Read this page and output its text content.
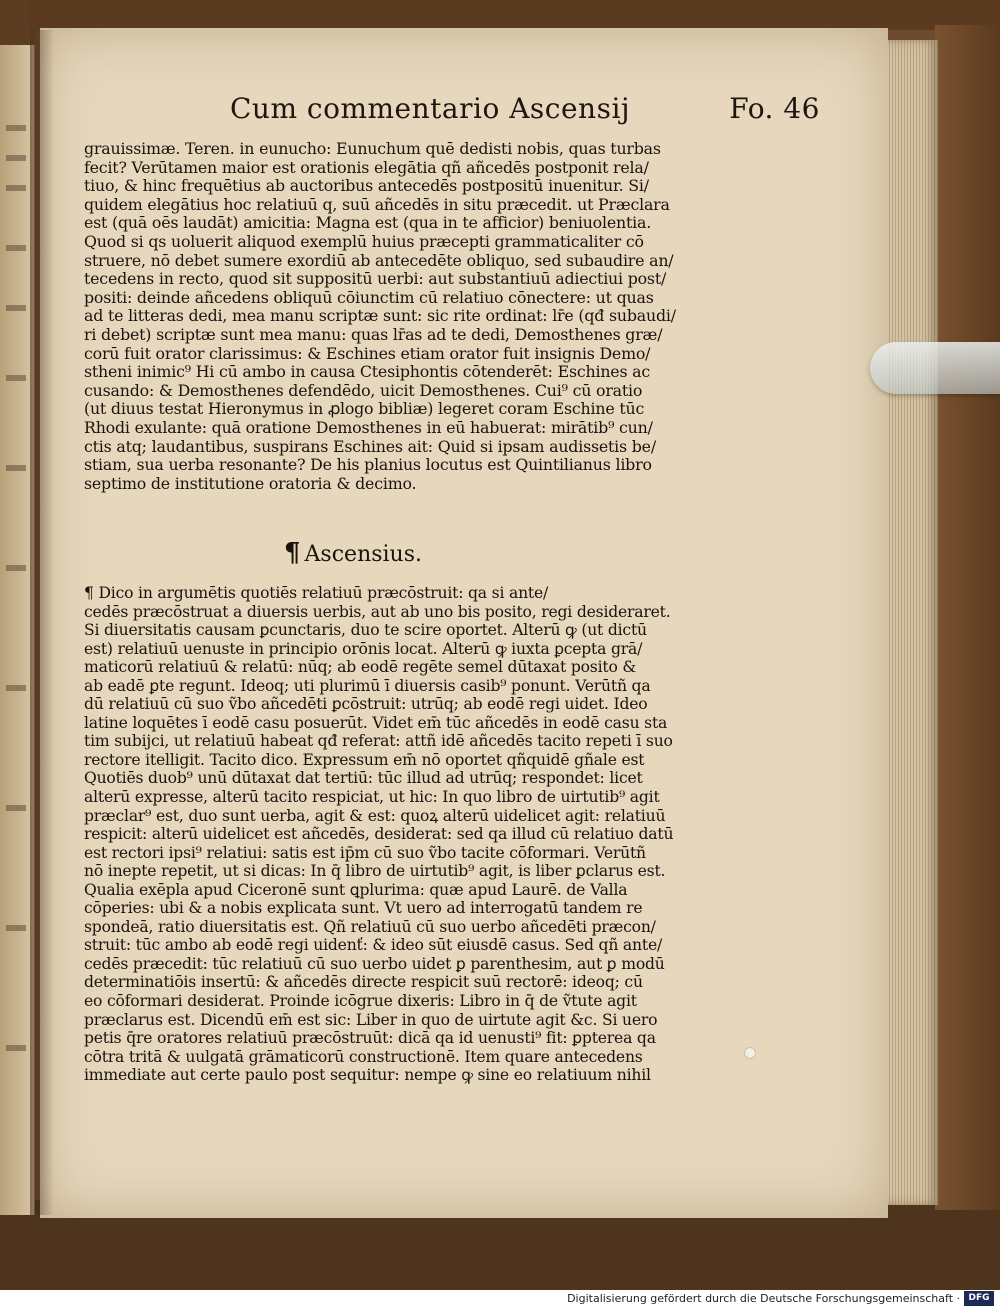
Cum commentario Ascensij	Fo. 46
grauissimæ. Teren. in eunucho: Eunuchum quē dedisti nobis, quas turbas
fecit? Verūtamen maior est orationis elegātia qñ añcedēs postponit rela/
tiuo, & hinc frequētius ab auctoribus antecedēs postpositū inuenitur. Si/
quidem elegātius hoc relatiuū q, suū añcedēs in situ præcedit. ut Præclara
est (quā oēs laudāt) amicitia: Magna est (qua in te afficior) beniuolentia.
Quod si qs uoluerit aliquod exemplū huius præcepti grammaticaliter cō
struere, nō debet sumere exordiū ab antecedēte obliquo, sed subaudire an/
tecedens in recto, quod sit suppositū uerbi: aut substantiuū adiectiui post/
positi: deinde añcedens obliquū cōiunctim cū relatiuo cōnectere: ut quas
ad te litteras dedi, mea manu scriptæ sunt: sic rite ordinat: lr̄e (qđ subaudi/
ri debet) scriptæ sunt mea manu: quas lr̄as ad te dedi, Demosthenes græ/
corū fuit orator clarissimus: & Eschines etiam orator fuit insignis Demo/
stheni inimic⁹ Hi cū ambo in causa Ctesiphontis cōtenderēt: Eschines ac
cusando: & Demosthenes defendēdo, uicit Demosthenes. Cui⁹ cū oratio
(ut diuus testat̄ Hieronymus in ꝓlogo bibliæ) legeret coram Eschine tūc
Rhodi exulante: quā oratione Demosthenes in eū habuerat: mirātib⁹ cun/
ctis atq; laudantibus, suspirans Eschines ait: Quid si ipsam audissetis be/
stiam, sua uerba resonante? De his planius locutus est Quintilianus libro
septimo de institutione oratoria & decimo.
¶ Ascensius.
¶ Dico in argumētis quotiēs relatiuū præcōstruit: qa si ante/
cedēs præcōstruat a diuersis uerbis, aut ab uno bis posito, regi desideraret.
Si diuersitatis causam ꝑcunctaris, duo te scire oportet. Alterū ꝙ (ut dictū
est) relatiuū uenuste in principio orōnis locat̄. Alterū ꝙ iuxta ꝑcepta grā/
maticorū relatiuū & relatū: nūq; ab eodē regēte semel dūtaxat posito &
ab eadē ꝑte regunt̄. Ideoq; uti plurimū ī diuersis casib⁹ ponunt̄. Verūtñ qa
dū relatiuū cū suo ṽbo añcedēti ꝑcōstruit: utrūq; ab eodē regi uidet̄. Ideo
latine loquētes ī eodē casu posuerūt. Videt̄ em̄ tūc añcedēs in eodē casu sta
tim subijci, ut relatiuū habeat qđ referat: attñ idē añcedēs tacito repeti ī suo
rectore itelligit̄. Tacito dico. Expressum em̄ nō oportet qñquidē gñale est
Quotiēs duob⁹ unū dūtaxat dat̄ tertiū: tūc illud ad utrūq; respondet: licet
alterū expresse, alterū tacito respiciat, ut hic: In quo libro de uirtutib⁹ agit̄
præclar⁹ est, duo sunt uerba, agit̄ & est: quoꝝ alterū uidelicet agit̄: relatiuū
respicit: alterū uidelicet est añcedēs, desiderat: sed qa illud cū relatiuo datū
est rectori ipsi⁹ relatiui: satis est ip̄m cū suo ṽbo tacite cōformari. Verūtñ
nō inepte repetit̄, ut si dicas: In q̄ libro de uirtutib⁹ agit̄, is liber ꝑclarus est.
Qualia exēpla apud Ciceronē sunt ꝗplurima: quæ apud Laurē. de Valla
cōperies: ubi & a nobis explicata sunt. Vt uero ad interrogatū tandem re
spondeā, ratio diuersitatis est. Qñ relatiuū cū suo uerbo añcedēti præcon/
struit: tūc ambo ab eodē regi uidenť: & ideo sūt eiusdē casus. Sed qñ ante/
cedēs præcedit: tūc relatiuū cū suo uerbo uidet̄ ꝑ parenthesim, aut ꝑ modū
determinatiōis insertū: & añcedēs directe respicit suū rectorē: ideoq; cū
eo cōformari desiderat. Proinde icōgrue dixeris: Libro in q̄ de ṽtute agit̄
præclarus est. Dicendū em̄ est sic: Liber in quo de uirtute agit̄ &c. Si uero
petis q̄re oratores relatiuū præcōstruūt: dicā qa id uenusti⁹ fit: ꝑpterea qa
cōtra tritā & uulgatā grāmaticorū constructionē. Item quare antecedens
immediate aut certe paulo post sequitur: nempe ꝙ sine eo relatiuum nihil
Digitalisierung gefördert durch die Deutsche Forschungsgemeinschaft · DFG
